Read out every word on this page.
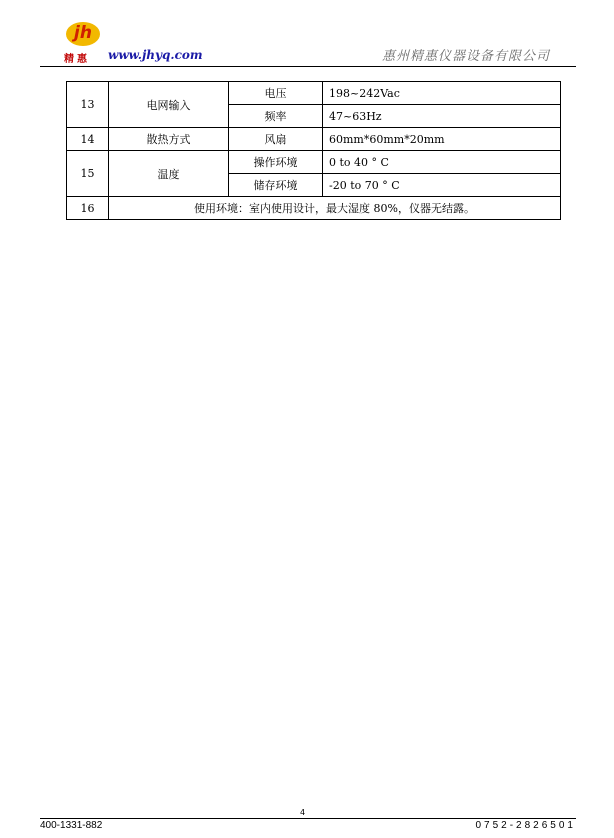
jh
精惠 www.jhyq.com	惠州精惠仪器设备有限公司
13	电网输入	电压	198~242Vac
		频率	47~63Hz
14	散热方式	风扇	60mm*60mm*20mm
15	温度	操作环境	0 to 40 ° C
		储存环境	-20 to 70 ° C
16	使用环境：室内使用设计，最大湿度 80%，仪器无结露。		
4
400-1331-882	0752-2826501
